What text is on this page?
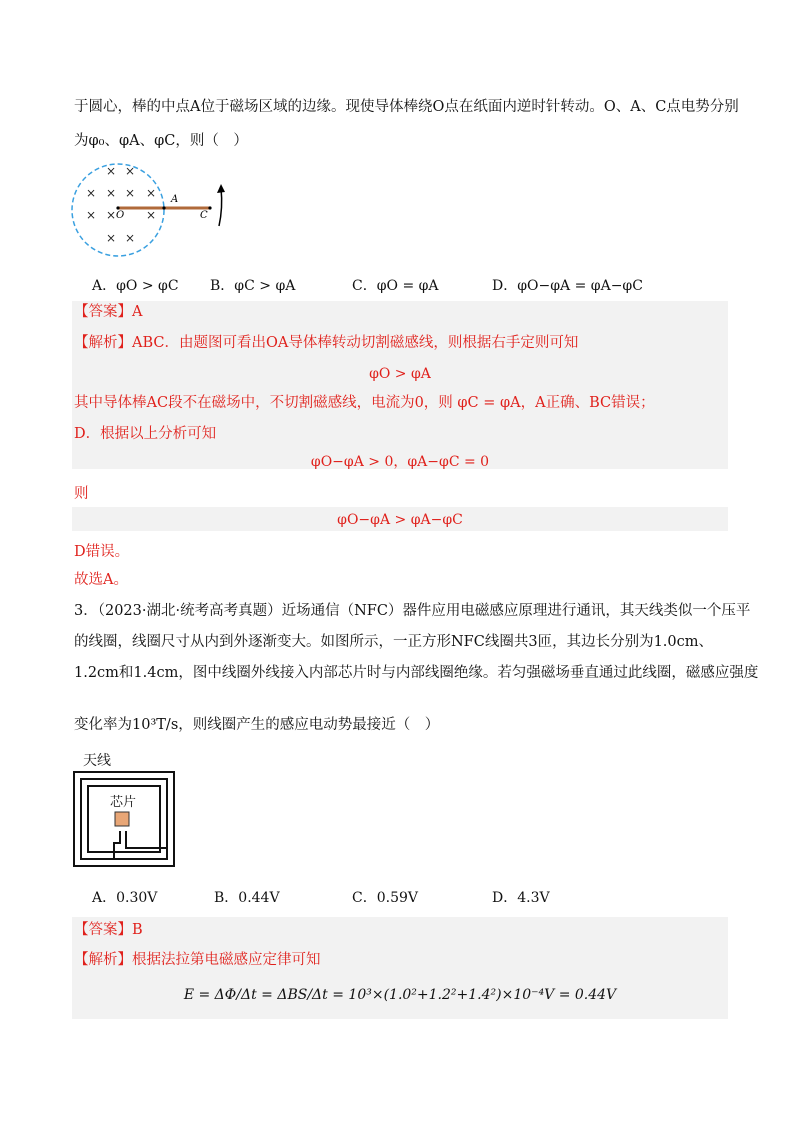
于圆心，棒的中点A位于磁场区域的边缘。现使导体棒绕O点在纸面内逆时针转动。O、A、C点电势分别
为φ₀、φA、φC，则（　）
× ×
× × × ×
× × ×
× ×
O
A
C
A．φO > φC B．φC > φA	C．φO = φA	D．φO−φA = φA−φC
【答案】A
【解析】ABC．由题图可看出OA导体棒转动切割磁感线，则根据右手定则可知
φO > φA
其中导体棒AC段不在磁场中，不切割磁感线，电流为0，则 φC = φA，A正确、BC错误；
D．根据以上分析可知
φO−φA > 0，φA−φC = 0
则
φO−φA > φA−φC
D错误。
故选A。
3．（2023·湖北·统考高考真题）近场通信（NFC）器件应用电磁感应原理进行通讯，其天线类似一个压平
的线圈，线圈尺寸从内到外逐渐变大。如图所示，一正方形NFC线圈共3匝，其边长分别为1.0cm、
1.2cm和1.4cm，图中线圈外线接入内部芯片时与内部线圈绝缘。若匀强磁场垂直通过此线圈，磁感应强度
变化率为10³T/s，则线圈产生的感应电动势最接近（　）
天线
芯片
A．0.30V	B．0.44V	C．0.59V	D．4.3V
【答案】B
【解析】根据法拉第电磁感应定律可知
E = ΔΦ/Δt = ΔBS/Δt = 10³×(1.0²+1.2²+1.4²)×10⁻⁴V = 0.44V
